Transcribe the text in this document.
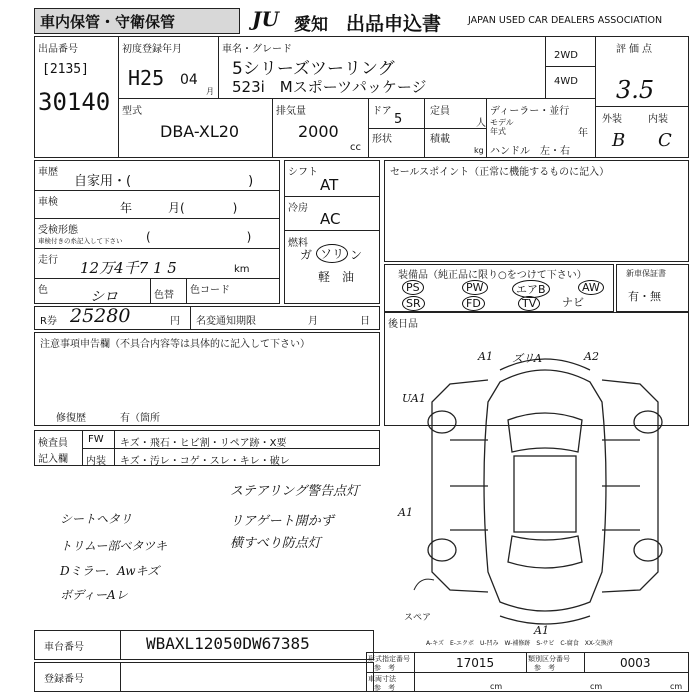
車内保管・守衛保管	JU 愛知 出品申込書	JAPAN USED CAR DEALERS ASSOCIATION
出品番号
[2135]
30140
初度登録年月
H25 04
月
車名・グレード
5シリーズツーリング
523i　Mスポーツパッケージ
2WD
4WD
評価点
3.5
外装	内装
B C
型式
DBA-XL20
排気量
2000
cc
ドア
5
定員
人
形状	積載
kg
ディーラー・並行
モデル
年式	年
ハンドル　左・右
車歴
自家用・(　　　　　　　　　)
車検	年　　　月(　　　　)
受検形態
車検付きの糸記入して下さい (　　　　　　　　)
走行 12万4千7 1 5	km
色	シロ	色替 色コード
シフト
AT
冷房
AC
燃料
ガ ソリ ン
軽　油
セールスポイント（正常に機能するものに記入）
装備品（純正品に限り○をつけて下さい）
PS	PW	エアB	AW
SR	FD	TV	ナビ
新車保証書
有・無
後日品
R券 25280	円 名変通知期限	月	日
注意事項申告欄（不具合内容等は具体的に記入して下さい）
修復歴	有（箇所
検査員
記入欄
FW キズ・飛石・ヒビ割・リペア跡・X要
内装 キズ・汚レ・コゲ・スレ・キレ・破レ
ステアリング警告点灯
シートヘタリ	リアゲート開かず
トリムー部ベタツキ	横すべり防点灯
Dミラー．Awキズ
ボディーAレ
A1 ズリA	A2
UA1
A1
A1
スペア
A-キズ　E-エクボ　U-凹み　W-補修跡　S-サビ　C-腐食　XX-交換済
車台番号	WBAXL12050DW67385
登録番号
形式指定番号
参　考	17015	類別区分番号
参　考	0003
車両寸法
参　考	cm	cm	cm
